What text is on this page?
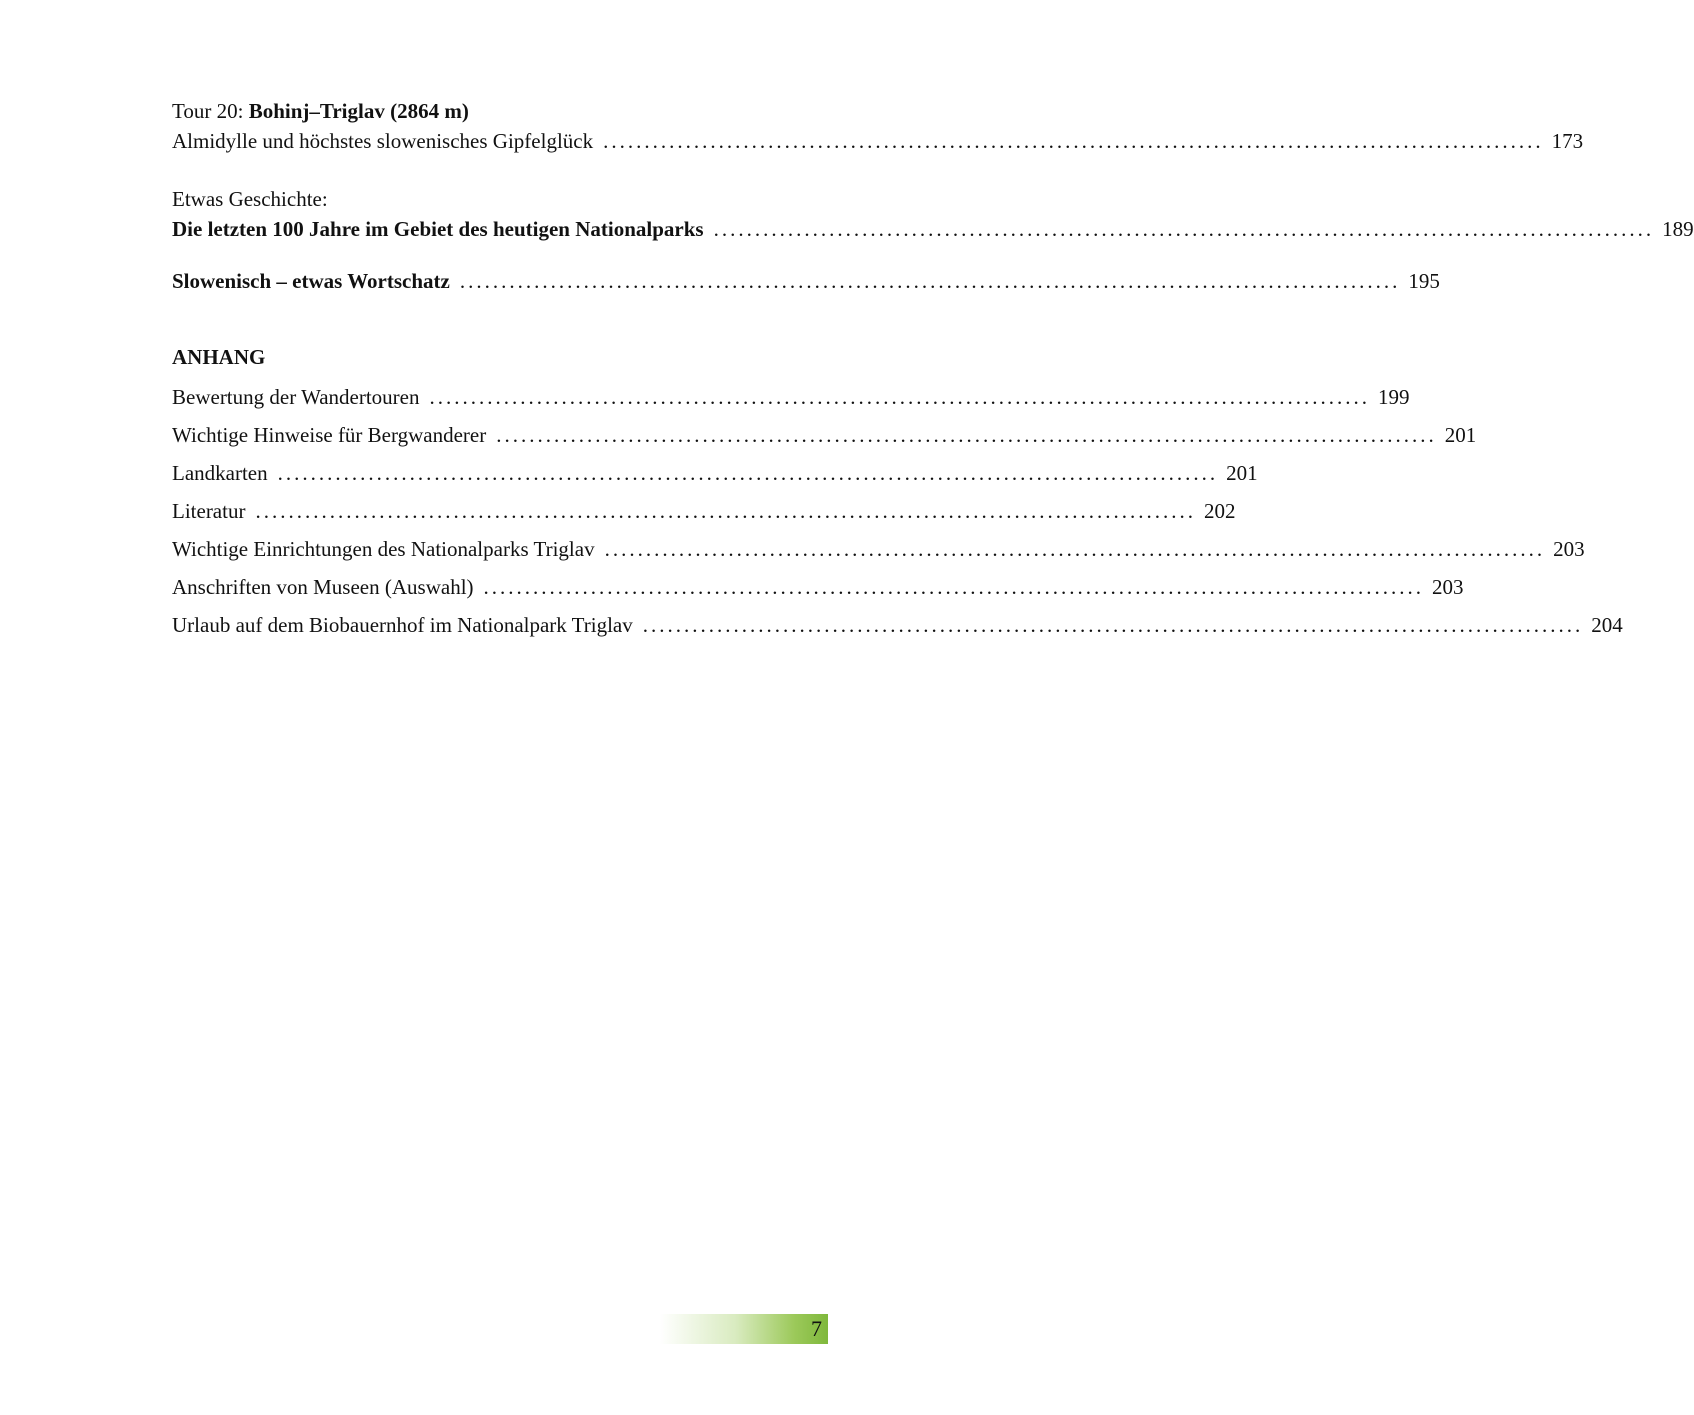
Tour 20: Bohinj–Triglav (2864 m)
Almidylle und höchstes slowenisches Gipfelglück .................................................................................................................. 173
Etwas Geschichte:
Die letzten 100 Jahre im Gebiet des heutigen Nationalparks .................................................................................................................. 189
Slowenisch – etwas Wortschatz .................................................................................................................. 195
ANHANG
Bewertung der Wandertouren .................................................................................................................. 199
Wichtige Hinweise für Bergwanderer .................................................................................................................. 201
Landkarten .................................................................................................................. 201
Literatur .................................................................................................................. 202
Wichtige Einrichtungen des Nationalparks Triglav .................................................................................................................. 203
Anschriften von Museen (Auswahl) .................................................................................................................. 203
Urlaub auf dem Biobauernhof im Nationalpark Triglav .................................................................................................................. 204
7
